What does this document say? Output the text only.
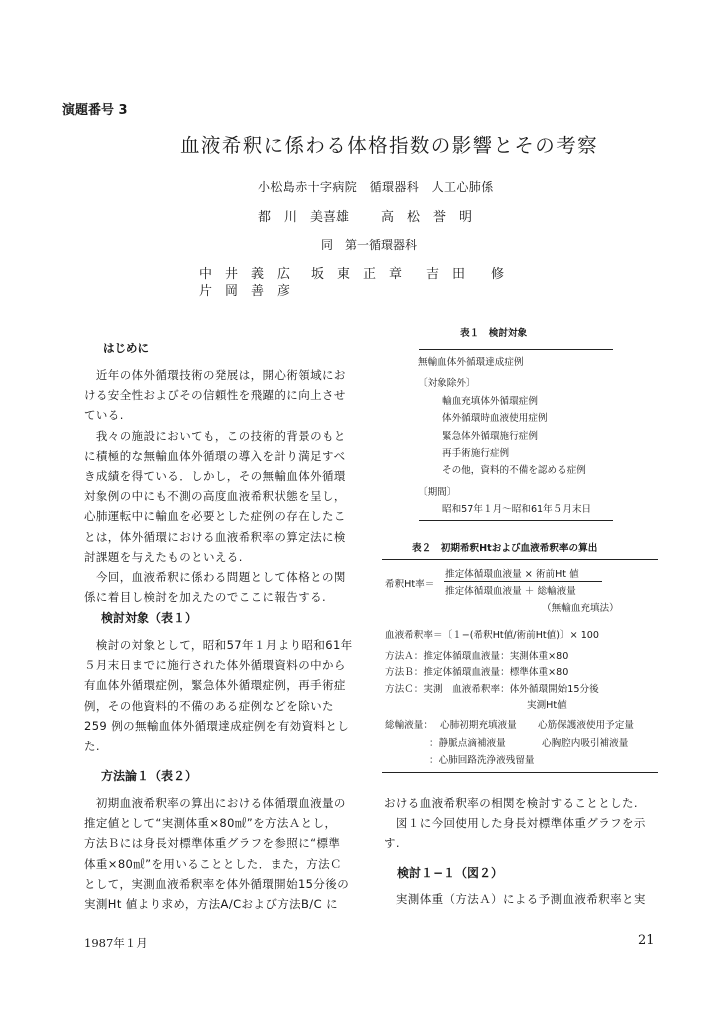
演題番号 3
血液希釈に係わる体格指数の影響とその考察
小松島赤十字病院　循環器科　人工心肺係
都　川　美喜雄 高　松　誉　明
同　第一循環器科
中　井　義　広 坂　東　正　章 吉　田　　修
片　岡　善　彦
はじめに
　近年の体外循環技術の発展は，開心術領域にお
ける安全性およびその信頼性を飛躍的に向上させ
ている.
　我々の施設においても，この技術的背景のもと
に積極的な無輸血体外循環の導入を計り満足すべ
き成績を得ている．しかし，その無輸血体外循環
対象例の中にも不測の高度血液希釈状態を呈し，
心肺運転中に輸血を必要とした症例の存在したこ
とは，体外循環における血液希釈率の算定法に検
討課題を与えたものといえる.
　今回，血液希釈に係わる問題として体格との関
係に着目し検討を加えたのでここに報告する.
検討対象（表１）
　検討の対象として，昭和57年１月より昭和61年
５月末日までに施行された体外循環資料の中から
有血体外循環症例，緊急体外循環症例，再手術症
例，その他資料的不備のある症例などを除いた
259 例の無輸血体外循環達成症例を有効資料とし
た.
方法論１（表２）
　初期血液希釈率の算出における体循環血液量の
推定値として“実測体重×80㎖”を方法Ａとし，
方法Ｂには身長対標準体重グラフを参照に“標準
体重×80㎖”を用いることとした．また，方法Ｃ
として，実測血液希釈率を体外循環開始15分後の
実測Ht 値より求め，方法A/Cおよび方法B/C に
表１　検討対象
無輸血体外循環達成症例
〔対象除外〕
輸血充填体外循環症例
体外循環時血液使用症例
緊急体外循環施行症例
再手術施行症例
その他，資料的不備を認める症例
〔期間〕
昭和57年１月〜昭和61年５月末日
表２　初期希釈Htおよび血液希釈率の算出
希釈Ht率＝
推定体循環血液量 × 術前Ht 値
推定体循環血液量 ＋ 総輸液量
（無輸血充填法）
血液希釈率＝〔１−(希釈Ht値/術前Ht値)〕× 100
方法Ａ：推定体循環血液量：実測体重×80
方法Ｂ：推定体循環血液量：標準体重×80
方法Ｃ：実測　血液希釈率：体外循環開始15分後
実測Ht値
総輸液量： 心肺初期充填液量 心筋保護液使用予定量
：静脈点滴補液量	心胸腔内吸引補液量
：心肺回路洗浄液残留量
おける血液希釈率の相関を検討することとした.
　図１に今回使用した身長対標準体重グラフを示
す.
検討１−１（図２）
　実測体重（方法Ａ）による予測血液希釈率と実
1987年１月	21
